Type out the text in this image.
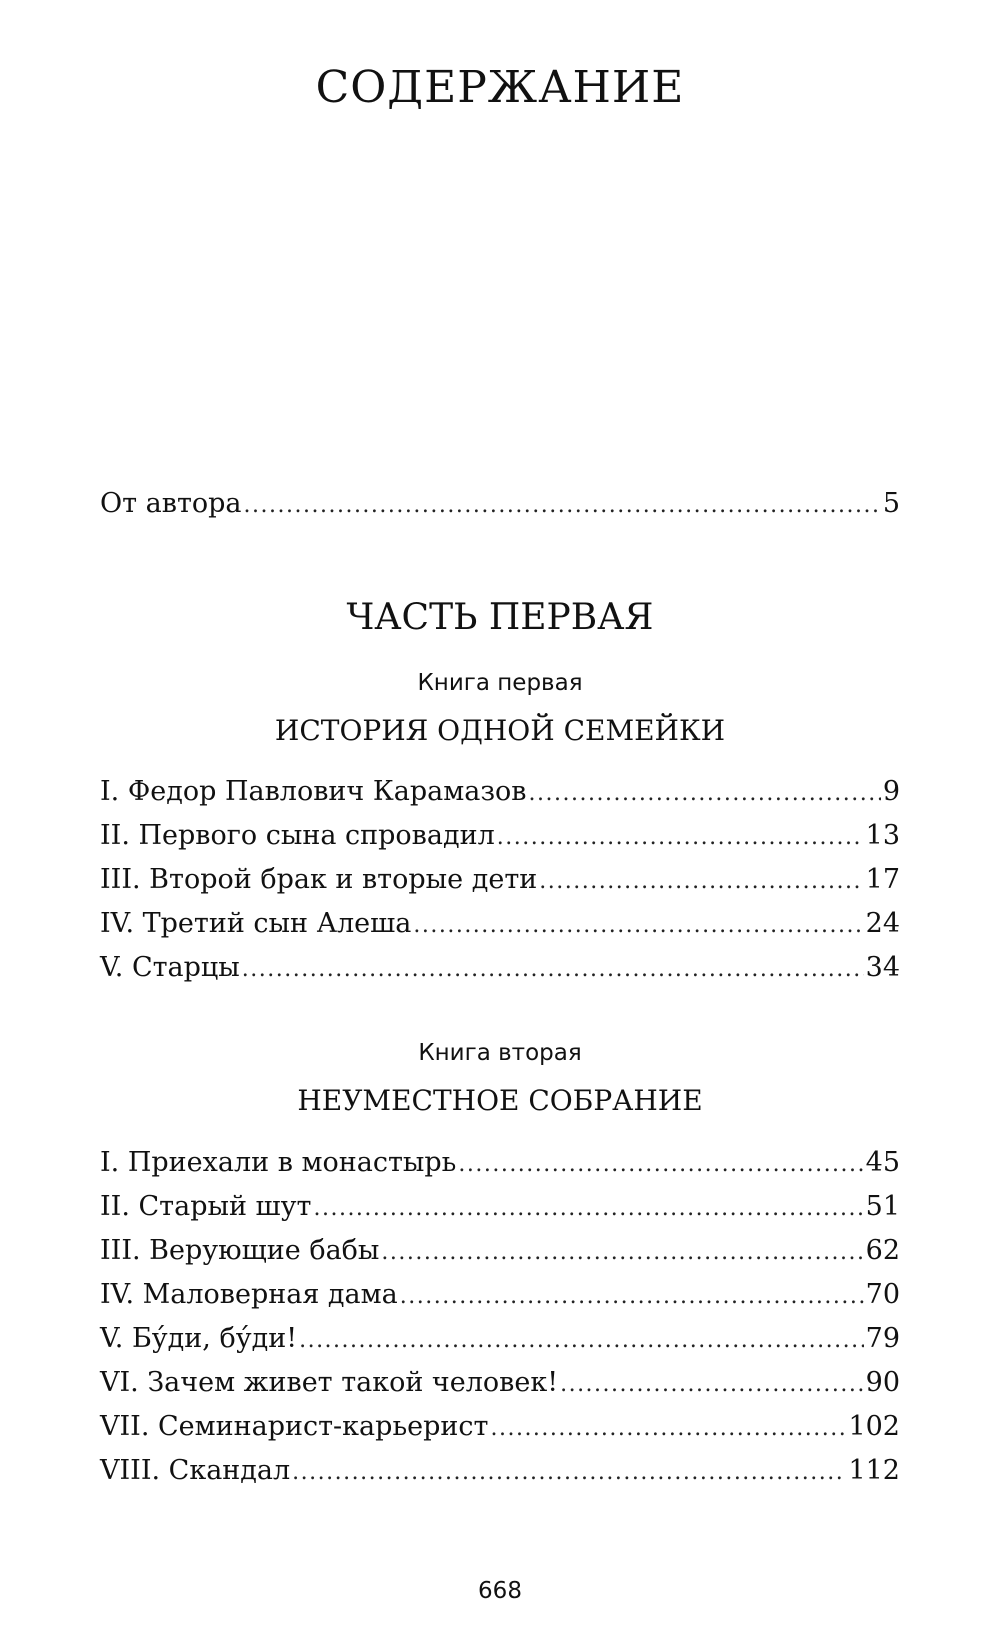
СОДЕРЖАНИЕ
От автора .....	5
ЧАСТЬ ПЕРВАЯ
Книга первая
ИСТОРИЯ ОДНОЙ СЕМЕЙКИ
I. Федор Павлович Карамазов .....	9
II. Первого сына спровадил .....	13
III. Второй брак и вторые дети .....	17
IV. Третий сын Алеша .....	24
V. Старцы .....	34
Книга вторая
НЕУМЕСТНОЕ СОБРАНИЕ
I. Приехали в монастырь .....	45
II. Старый шут .....	51
III. Верующие бабы .....	62
IV. Маловерная дама .....	70
V. Бу́ди, бу́ди! .....	79
VI. Зачем живет такой человек! .....	90
VII. Семинарист-карьерист .....	102
VIII. Скандал .....	112
668
